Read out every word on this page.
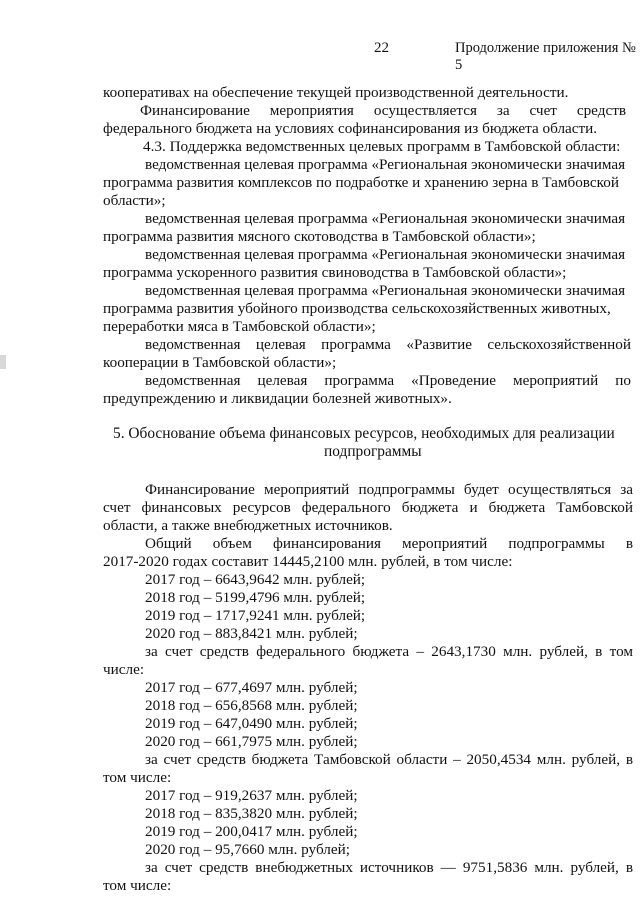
22	Продолжение приложения № 5
кооперативах на обеспечение текущей производственной деятельности.
Финансирование мероприятия осуществляется за счет средств
федерального бюджета на условиях софинансирования из бюджета области.
4.3. Поддержка ведомственных целевых программ в Тамбовской области:
ведомственная целевая программа «Региональная экономически значимая
программа развития комплексов по подработке и хранению зерна в Тамбовской
области»;
ведомственная целевая программа «Региональная экономически значимая
программа развития мясного скотоводства в Тамбовской области»;
ведомственная целевая программа «Региональная экономически значимая
программа ускоренного развития свиноводства в Тамбовской области»;
ведомственная целевая программа «Региональная экономически значимая
программа развития убойного производства сельскохозяйственных животных,
переработки мяса в Тамбовской области»;
ведомственная целевая программа «Развитие сельскохозяйственной
кооперации в Тамбовской области»;
ведомственная целевая программа «Проведение мероприятий по
предупреждению и ликвидации болезней животных».
5. Обоснование объема финансовых ресурсов, необходимых для реализации
подпрограммы
Финансирование мероприятий подпрограммы будет осуществляться за
счет финансовых ресурсов федерального бюджета и бюджета Тамбовской
области, а также внебюджетных источников.
Общий объем финансирования мероприятий подпрограммы в
2017-2020 годах составит 14445,2100 млн. рублей, в том числе:
2017 год – 6643,9642 млн. рублей;
2018 год – 5199,4796 млн. рублей;
2019 год – 1717,9241 млн. рублей;
2020 год – 883,8421 млн. рублей;
за счет средств федерального бюджета – 2643,1730 млн. рублей, в том
числе:
2017 год – 677,4697 млн. рублей;
2018 год – 656,8568 млн. рублей;
2019 год – 647,0490 млн. рублей;
2020 год – 661,7975 млн. рублей;
за счет средств бюджета Тамбовской области – 2050,4534 млн. рублей, в
том числе:
2017 год – 919,2637 млн. рублей;
2018 год – 835,3820 млн. рублей;
2019 год – 200,0417 млн. рублей;
2020 год – 95,7660 млн. рублей;
за счет средств внебюджетных источников — 9751,5836 млн. рублей, в
том числе:
